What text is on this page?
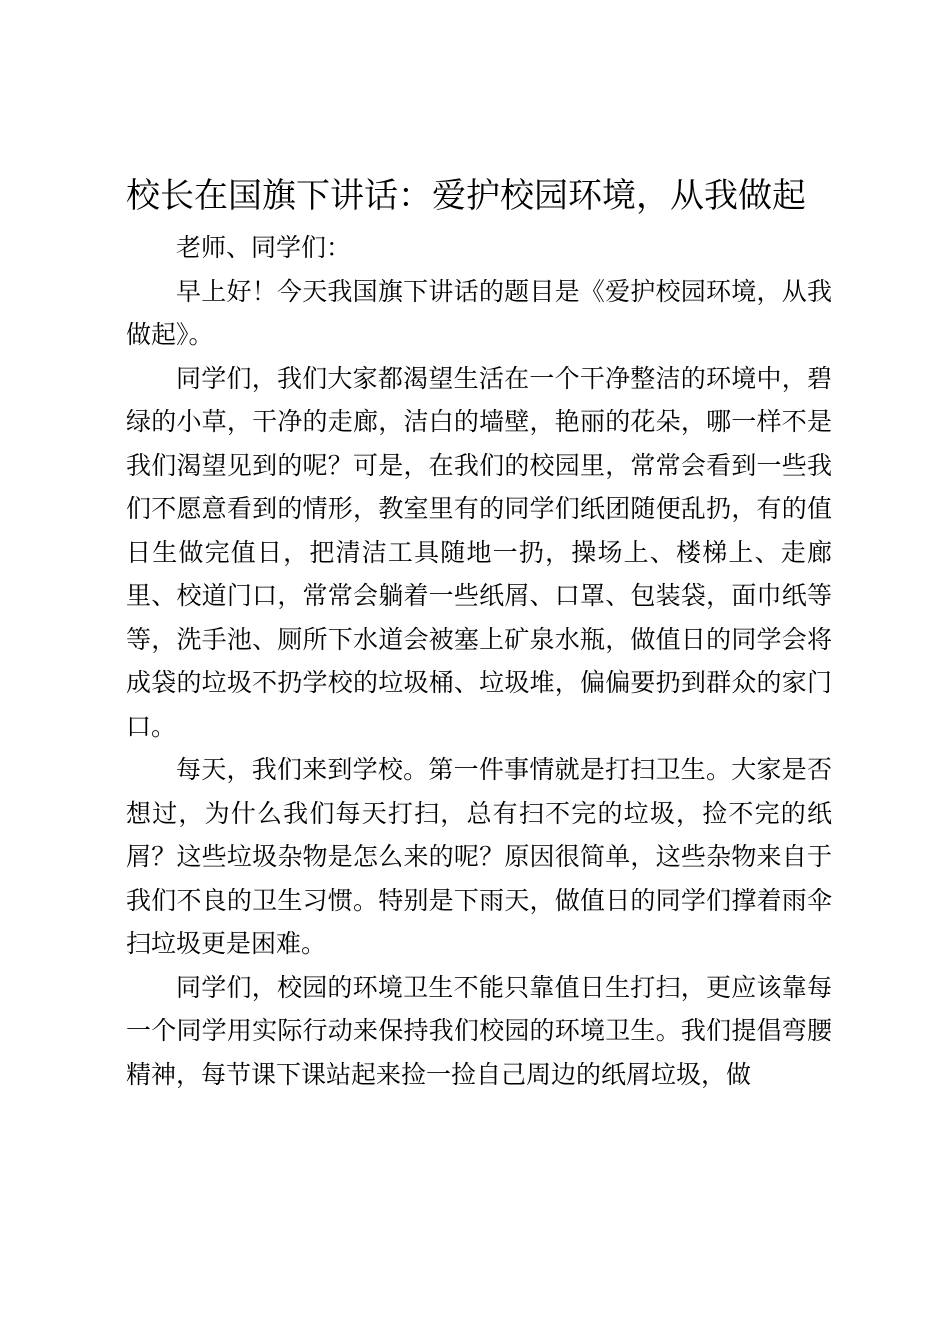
校长在国旗下讲话：爱护校园环境，从我做起

老师、同学们：

早上好！今天我国旗下讲话的题目是《爱护校园环境，从我做起》。

同学们，我们大家都渴望生活在一个干净整洁的环境中，碧绿的小草，干净的走廊，洁白的墙壁，艳丽的花朵，哪一样不是我们渴望见到的呢？可是，在我们的校园里，常常会看到一些我们不愿意看到的情形，教室里有的同学们纸团随便乱扔，有的值日生做完值日，把清洁工具随地一扔，操场上、楼梯上、走廊里、校道门口，常常会躺着一些纸屑、口罩、包装袋，面巾纸等等，洗手池、厕所下水道会被塞上矿泉水瓶，做值日的同学会将成袋的垃圾不扔学校的垃圾桶、垃圾堆，偏偏要扔到群众的家门口。

每天，我们来到学校。第一件事情就是打扫卫生。大家是否想过，为什么我们每天打扫，总有扫不完的垃圾，捡不完的纸屑？这些垃圾杂物是怎么来的呢？原因很简单，这些杂物来自于我们不良的卫生习惯。特别是下雨天，做值日的同学们撑着雨伞扫垃圾更是困难。

同学们，校园的环境卫生不能只靠值日生打扫，更应该靠每一个同学用实际行动来保持我们校园的环境卫生。我们提倡弯腰精神，每节课下课站起来捡一捡自己周边的纸屑垃圾，做
